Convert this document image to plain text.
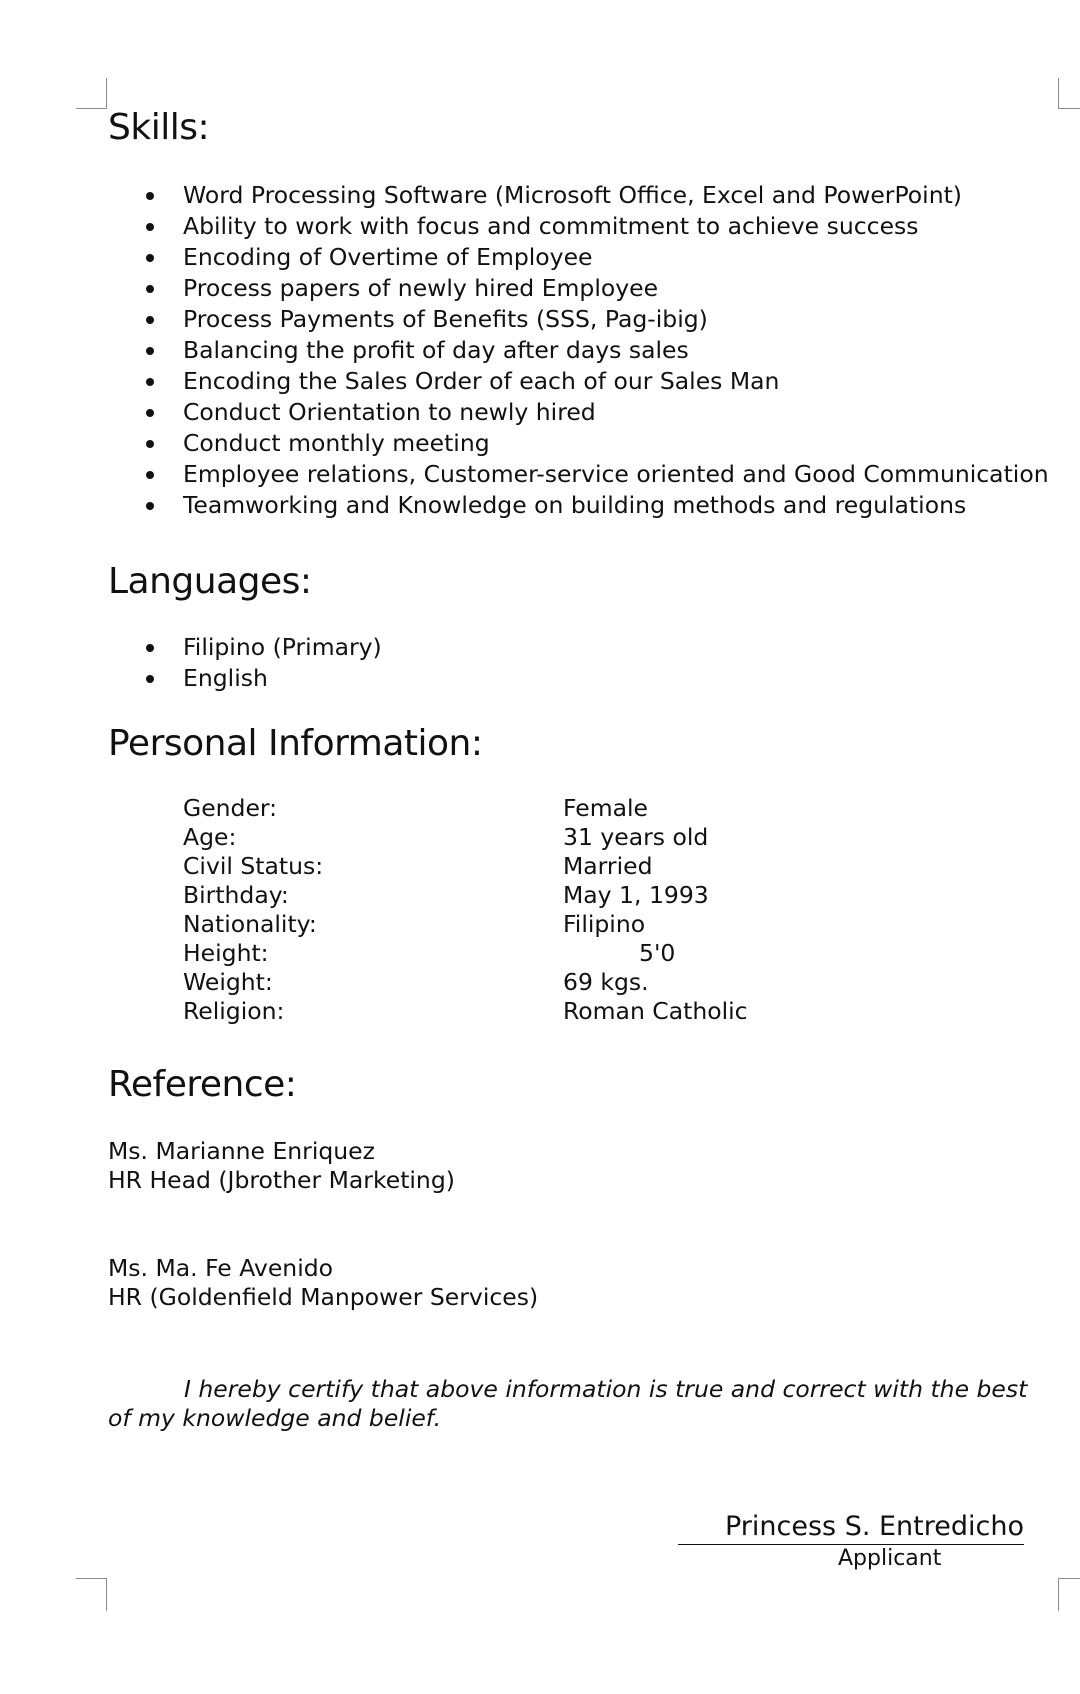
Skills:
Word Processing Software (Microsoft Office, Excel and PowerPoint)
Ability to work with focus and commitment to achieve success
Encoding of Overtime of Employee
Process papers of newly hired Employee
Process Payments of Benefits (SSS, Pag-ibig)
Balancing the profit of day after days sales
Encoding the Sales Order of each of our Sales Man
Conduct Orientation to newly hired
Conduct monthly meeting
Employee relations, Customer-service oriented and Good Communication
Teamworking and Knowledge on building methods and regulations
Languages:
Filipino (Primary)
English
Personal Information:
Gender:	Female
Age:	31 years old
Civil Status:	Married
Birthday:	May 1, 1993
Nationality:	Filipino
Height:	5'0
Weight:	69 kgs.
Religion:	Roman Catholic
Reference:
Ms. Marianne Enriquez
HR Head (Jbrother Marketing)
Ms. Ma. Fe Avenido
HR (Goldenfield Manpower Services)

I hereby certify that above information is true and correct with the best of my knowledge and belief.

Princess S. Entredicho
Applicant
